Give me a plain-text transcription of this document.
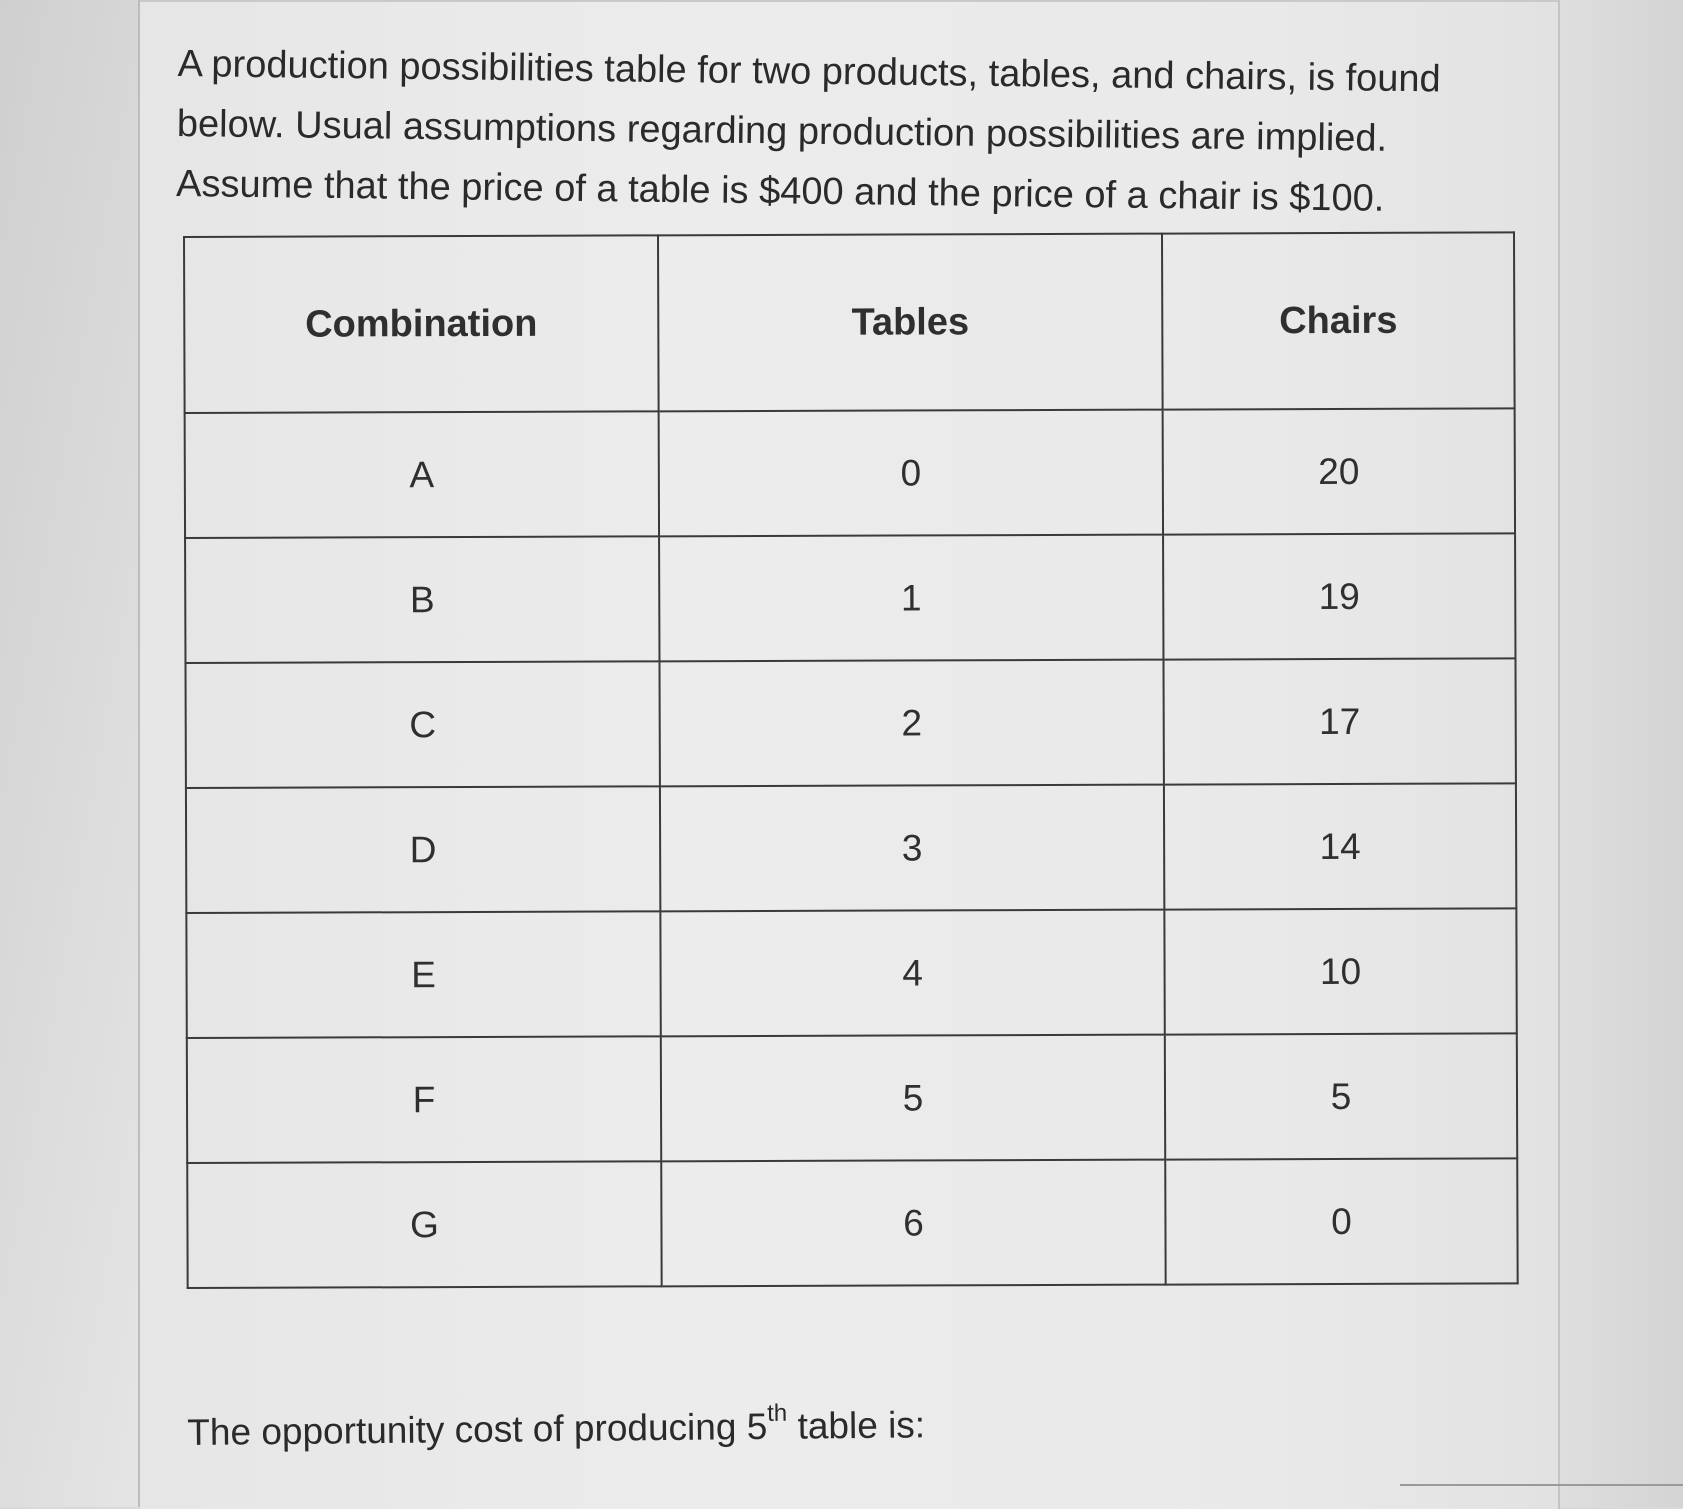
A production possibilities table for two products, tables, and chairs, is found below. Usual assumptions regarding production possibilities are implied. Assume that the price of a table is $400 and the price of a chair is $100.

Combination	Tables	Chairs
A	0	20
B	1	19
C	2	17
D	3	14
E	4	10
F	5	5
G	6	0

The opportunity cost of producing 5th table is:
